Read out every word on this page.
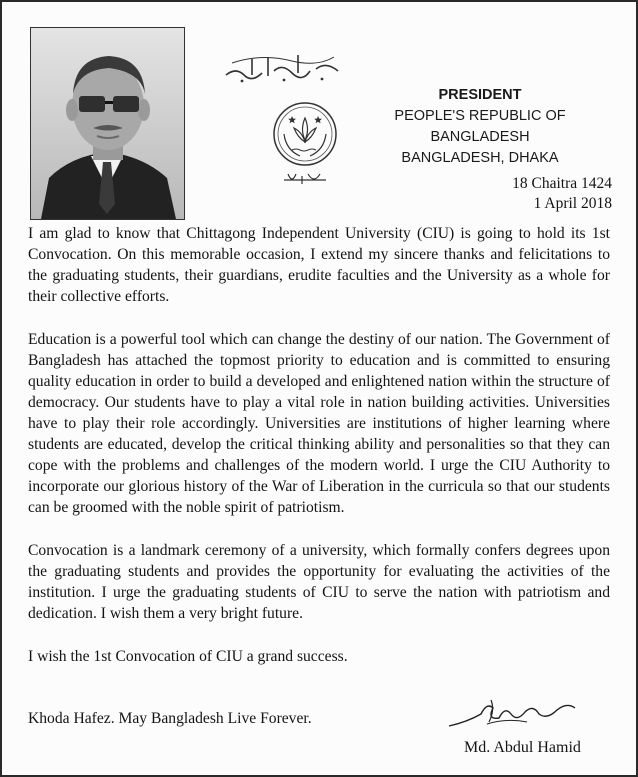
PRESIDENT
PEOPLE'S REPUBLIC OF BANGLADESH
BANGLADESH, DHAKA
18 Chaitra 1424
1 April 2018

I am glad to know that Chittagong Independent University (CIU) is going to hold its 1st Convocation. On this memorable occasion, I extend my sincere thanks and felicitations to the graduating students, their guardians, erudite faculties and the University as a whole for their collective efforts.

Education is a powerful tool which can change the destiny of our nation. The Government of Bangladesh has attached the topmost priority to education and is committed to ensuring quality education in order to build a developed and enlightened nation within the structure of democracy. Our students have to play a vital role in nation building activities. Universities have to play their role accordingly. Universities are institutions of higher learning where students are educated, develop the critical thinking ability and personalities so that they can cope with the problems and challenges of the modern world. I urge the CIU Authority to incorporate our glorious history of the War of Liberation in the curricula so that our students can be groomed with the noble spirit of patriotism.

Convocation is a landmark ceremony of a university, which formally confers degrees upon the graduating students and provides the opportunity for evaluating the activities of the institution. I urge the graduating students of CIU to serve the nation with patriotism and dedication. I wish them a very bright future.

I wish the 1st Convocation of CIU a grand success.

Khoda Hafez. May Bangladesh Live Forever.
Md. Abdul Hamid
